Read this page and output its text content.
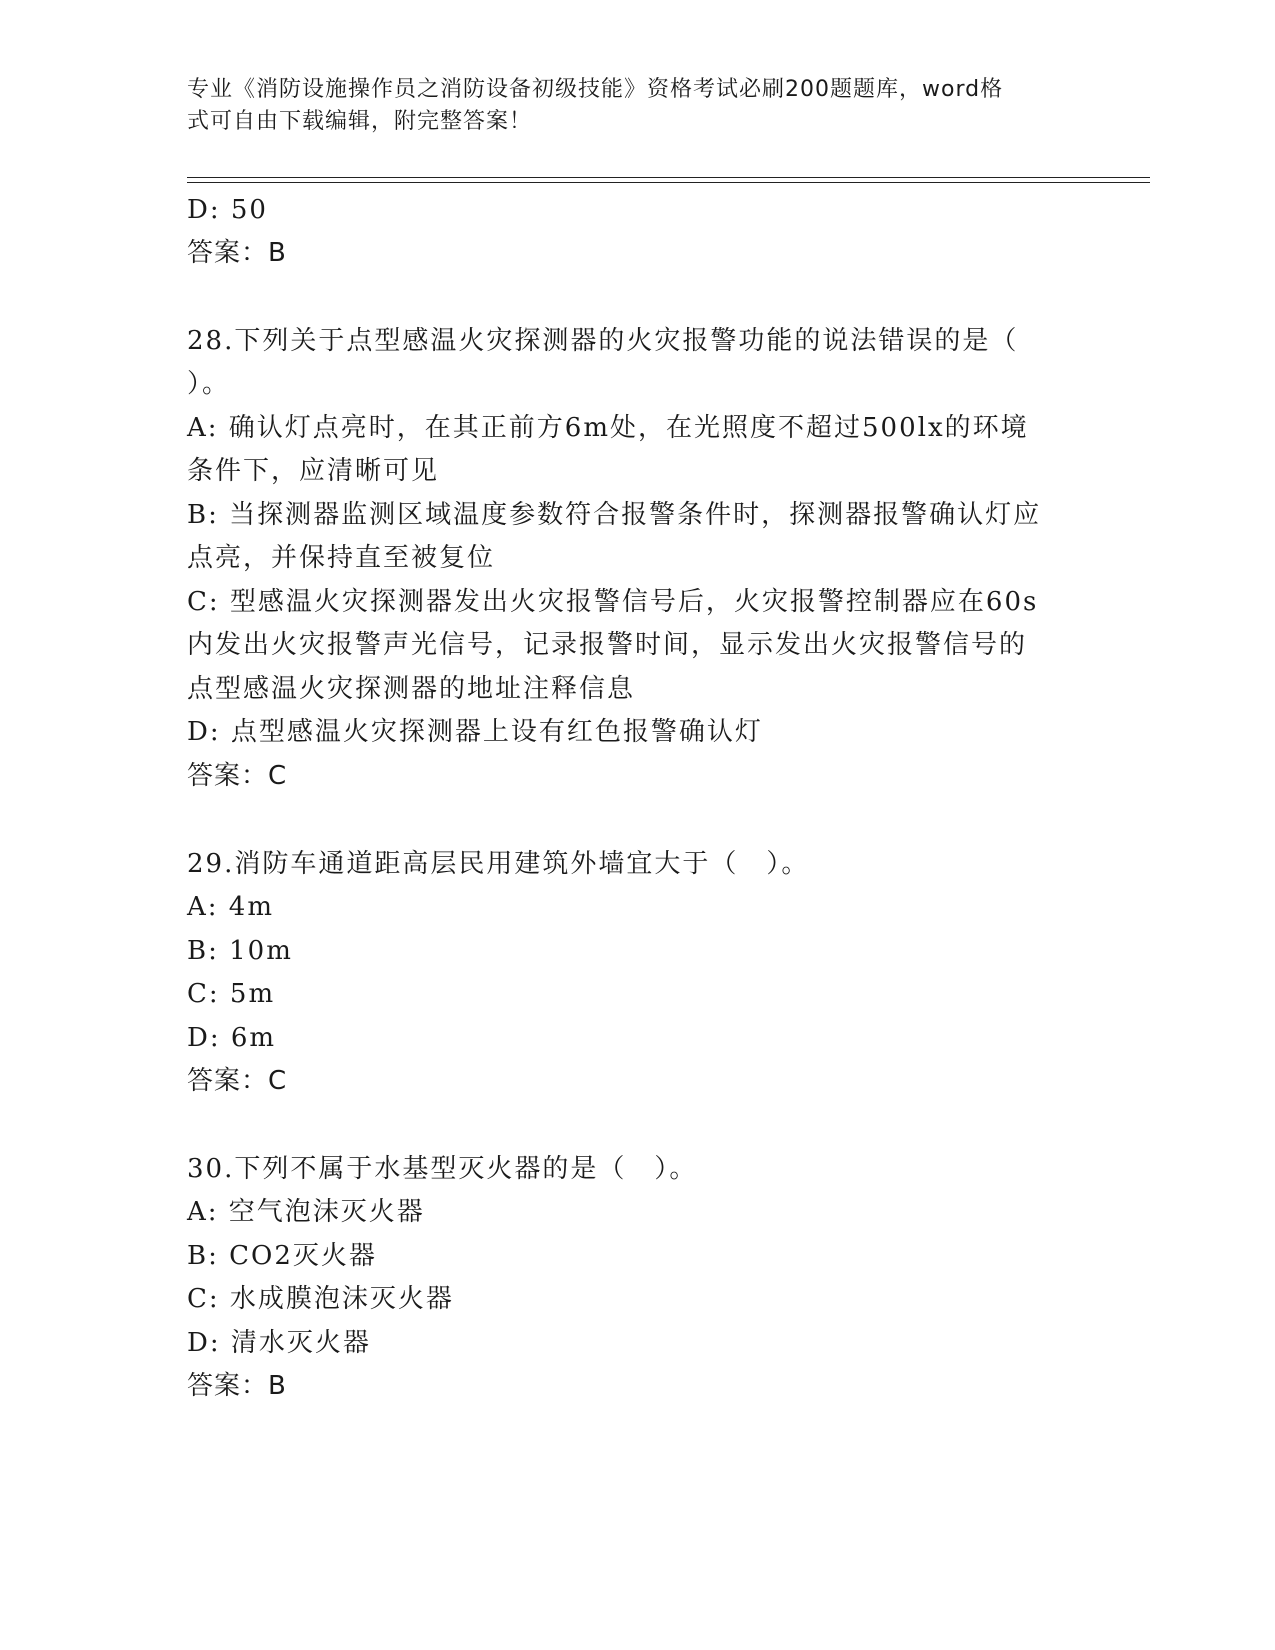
专业《消防设施操作员之消防设备初级技能》资格考试必刷200题题库，word格
式可自由下载编辑，附完整答案！
D: 50
答案：B
28.下列关于点型感温火灾探测器的火灾报警功能的说法错误的是（
）。
A: 确认灯点亮时，在其正前方6m处，在光照度不超过500lx的环境
条件下，应清晰可见
B: 当探测器监测区域温度参数符合报警条件时，探测器报警确认灯应
点亮，并保持直至被复位
C: 型感温火灾探测器发出火灾报警信号后，火灾报警控制器应在60s
内发出火灾报警声光信号，记录报警时间，显示发出火灾报警信号的
点型感温火灾探测器的地址注释信息
D: 点型感温火灾探测器上设有红色报警确认灯
答案：C
29.消防车通道距高层民用建筑外墙宜大于（　）。
A: 4m
B: 10m
C: 5m
D: 6m
答案：C
30.下列不属于水基型灭火器的是（　）。
A: 空气泡沫灭火器
B: CO2灭火器
C: 水成膜泡沫灭火器
D: 清水灭火器
答案：B
